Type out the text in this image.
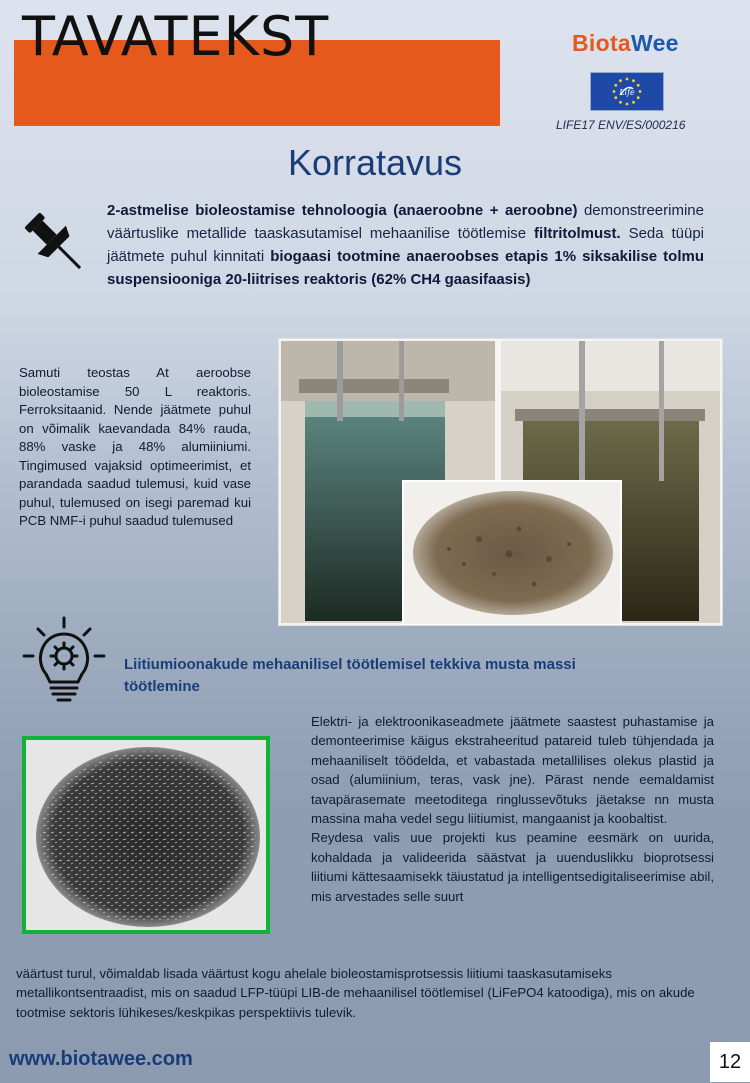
TAVATEKST	BiotaWee
Life
LIFE17 ENV/ES/000216
Korratavus
2-astmelise bioleostamise tehnoloogia (anaeroobne + aeroobne) demonstreerimine väärtuslike metallide taaskasutamisel mehaanilise töötlemise filtritolmust. Seda tüüpi jäätmete puhul kinnitati biogaasi tootmine anaeroobses etapis 1% siksakilise tolmu suspensiooniga 20-liitrises reaktoris (62% CH4 gaasifaasis)
Samuti teostas At aeroobse bioleostamise 50 L reaktoris. Ferroksitaanid. Nende jäätmete puhul on võimalik kaevandada 84% rauda, 88% vaske ja 48% alumiiniumi. Tingimused vajaksid optimeerimist, et parandada saadud tulemusi, kuid vase puhul, tulemused on isegi paremad kui PCB NMF-i puhul saadud tulemused
Liitiumioonakude mehaanilisel töötlemisel tekkiva musta massi töötlemine

Elektri- ja elektroonikaseadmete jäätmete saastest puhastamise ja demonteerimise käigus ekstraheeritud patareid tuleb tühjendada ja mehaaniliselt töödelda, et vabastada metallilises olekus plastid ja osad (alumiinium, teras, vask jne). Pärast nende eemaldamist tavapärasemate meetoditega ringlussevõtuks jäetakse nn musta massina maha vedel segu liitiumist, mangaanist ja koobaltist.

Reydesa valis uue projekti kus peamine eesmärk on uurida, kohaldada ja valideerida säästvat ja uuenduslikku bioprotsessi liitiumi kättesaamisekk täiustatud ja intelligentsedigitaliseerimise abil, mis arvestades selle suurt

väärtust turul, võimaldab lisada väärtust kogu ahelale bioleostamisprotsessis liitiumi taaskasutamiseks metallikontsentraadist, mis on saadud LFP-tüüpi LIB-de mehaanilisel töötlemisel (LiFePO4 katoodiga), mis on akude tootmise sektoris lühikeses/keskpikas perspektiivis tulevik.
www.biotawee.com	12
